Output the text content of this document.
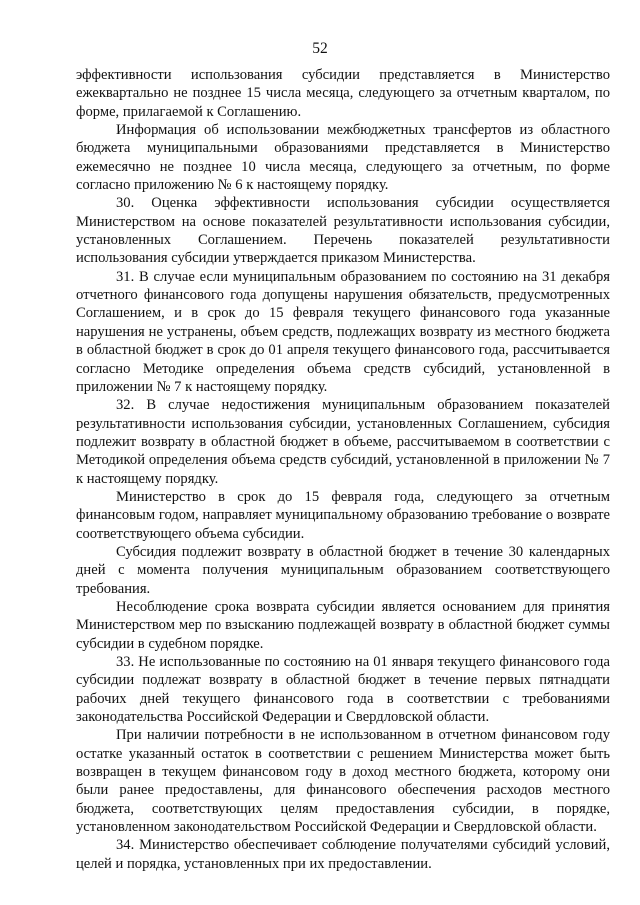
52

эффективности использования субсидии представляется в Министерство ежеквартально не позднее 15 числа месяца, следующего за отчетным кварталом, по форме, прилагаемой к Соглашению.

Информация об использовании межбюджетных трансфертов из областного бюджета муниципальными образованиями представляется в Министерство ежемесячно не позднее 10 числа месяца, следующего за отчетным, по форме согласно приложению № 6 к настоящему порядку.

30. Оценка эффективности использования субсидии осуществляется Министерством на основе показателей результативности использования субсидии, установленных Соглашением. Перечень показателей результативности использования субсидии утверждается приказом Министерства.

31. В случае если муниципальным образованием по состоянию на 31 декабря отчетного финансового года допущены нарушения обязательств, предусмотренных Соглашением, и в срок до 15 февраля текущего финансового года указанные нарушения не устранены, объем средств, подлежащих возврату из местного бюджета в областной бюджет в срок до 01 апреля текущего финансового года, рассчитывается согласно Методике определения объема средств субсидий, установленной в приложении № 7 к настоящему порядку.

32. В случае недостижения муниципальным образованием показателей результативности использования субсидии, установленных Соглашением, субсидия подлежит возврату в областной бюджет в объеме, рассчитываемом в соответствии с Методикой определения объема средств субсидий, установленной в приложении № 7 к настоящему порядку.

Министерство в срок до 15 февраля года, следующего за отчетным финансовым годом, направляет муниципальному образованию требование о возврате соответствующего объема субсидии.

Субсидия подлежит возврату в областной бюджет в течение 30 календарных дней с момента получения муниципальным образованием соответствующего требования.

Несоблюдение срока возврата субсидии является основанием для принятия Министерством мер по взысканию подлежащей возврату в областной бюджет суммы субсидии в судебном порядке.

33. Не использованные по состоянию на 01 января текущего финансового года субсидии подлежат возврату в областной бюджет в течение первых пятнадцати рабочих дней текущего финансового года в соответствии с требованиями законодательства Российской Федерации и Свердловской области.

При наличии потребности в не использованном в отчетном финансовом году остатке указанный остаток в соответствии с решением Министерства может быть возвращен в текущем финансовом году в доход местного бюджета, которому они были ранее предоставлены, для финансового обеспечения расходов местного бюджета, соответствующих целям предоставления субсидии, в порядке, установленном законодательством Российской Федерации и Свердловской области.

34. Министерство обеспечивает соблюдение получателями субсидий условий, целей и порядка, установленных при их предоставлении.
